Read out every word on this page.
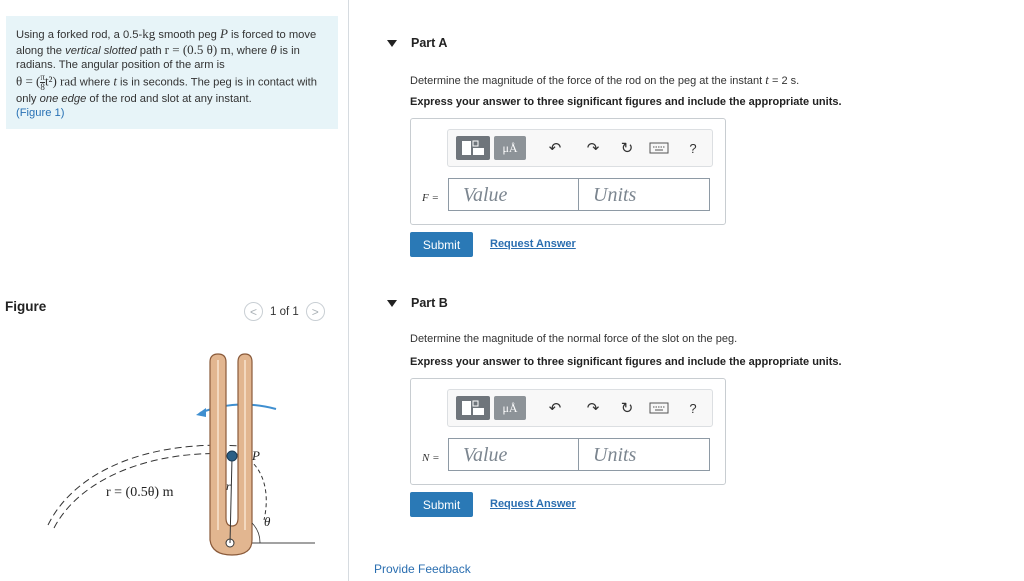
Using a forked rod, a 0.5-kg smooth peg P is forced to move along the vertical slotted path r = (0.5 θ) m, where θ is in radians. The angular position of the arm is
θ = ( $\frac{\pi}{8} t^2$) rad where t is in seconds. The peg is in contact with only one edge of the rod and slot at any instant.
(Figure 1)
Figure	< 1 of 1 >
P
θ
r
r = (0.5θ) m
Part A
Determine the magnitude of the force of the rod on the peg at the instant t = 2 s.
Express your answer to three significant figures and include the appropriate units.
μÅ	↶ ↷ ↻	?
F =	Value	Units
Submit	Request Answer
Part B
Determine the magnitude of the normal force of the slot on the peg.
Express your answer to three significant figures and include the appropriate units.
μÅ	↶ ↷ ↻	?
N =	Value	Units
Submit	Request Answer
Provide Feedback
